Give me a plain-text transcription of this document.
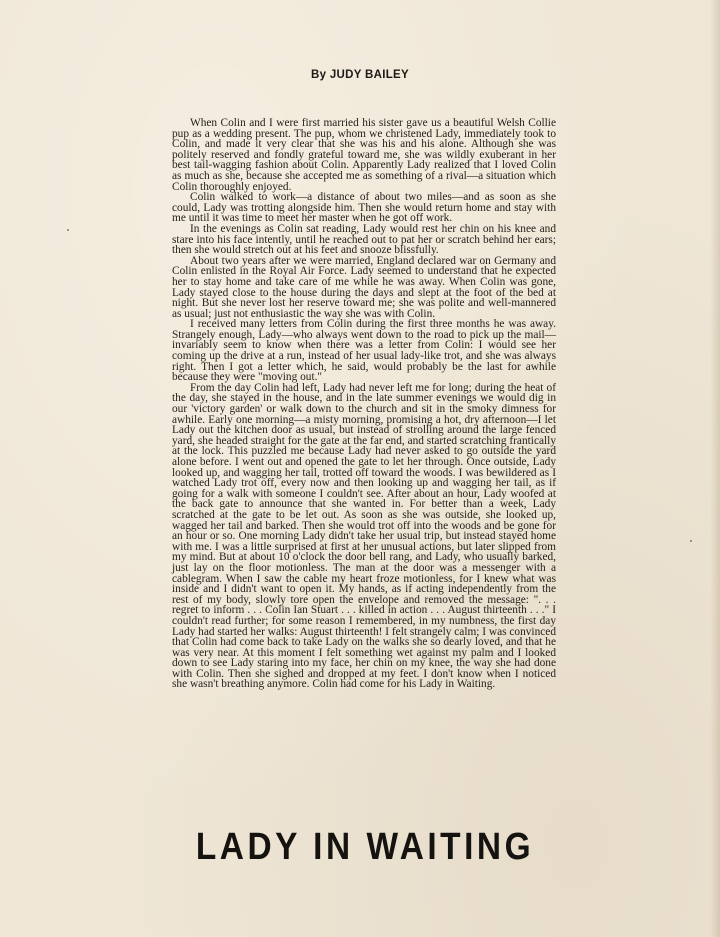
By JUDY BAILEY

When Colin and I were first married his sister gave us a beautiful Welsh Collie pup as a wedding present. The pup, whom we christened Lady, immediately took to Colin, and made it very clear that she was his and his alone. Although she was politely reserved and fondly grateful toward me, she was wildly exuberant in her best tail-wagging fashion about Colin. Apparently Lady realized that I loved Colin as much as she, because she accepted me as something of a rival—a situation which Colin thoroughly enjoyed.

Colin walked to work—a distance of about two miles—and as soon as she could, Lady was trotting alongside him. Then she would return home and stay with me until it was time to meet her master when he got off work.

In the evenings as Colin sat reading, Lady would rest her chin on his knee and stare into his face intently, until he reached out to pat her or scratch behind her ears; then she would stretch out at his feet and snooze blissfully.

About two years after we were married, England declared war on Germany and Colin enlisted in the Royal Air Force. Lady seemed to understand that he expected her to stay home and take care of me while he was away. When Colin was gone, Lady stayed close to the house during the days and slept at the foot of the bed at night. But she never lost her reserve toward me; she was polite and well-mannered as usual; just not enthusiastic the way she was with Colin.

I received many letters from Colin during the first three months he was away. Strangely enough, Lady—who always went down to the road to pick up the mail—invariably seem to know when there was a letter from Colin: I would see her coming up the drive at a run, instead of her usual lady-like trot, and she was always right. Then I got a letter which, he said, would probably be the last for awhile because they were "moving out."

From the day Colin had left, Lady had never left me for long; during the heat of the day, she stayed in the house, and in the late summer evenings we would dig in our 'victory garden' or walk down to the church and sit in the smoky dimness for awhile. Early one morning—a misty morning, promising a hot, dry afternoon—I let Lady out the kitchen door as usual, but instead of strolling around the large fenced yard, she headed straight for the gate at the far end, and started scratching frantically at the lock. This puzzled me because Lady had never asked to go outside the yard alone before. I went out and opened the gate to let her through. Once outside, Lady looked up, and wagging her tail, trotted off toward the woods. I was bewildered as I watched Lady trot off, every now and then looking up and wagging her tail, as if going for a walk with someone I couldn't see. After about an hour, Lady woofed at the back gate to announce that she wanted in. For better than a week, Lady scratched at the gate to be let out. As soon as she was outside, she looked up, wagged her tail and barked. Then she would trot off into the woods and be gone for an hour or so. One morning Lady didn't take her usual trip, but instead stayed home with me. I was a little surprised at first at her unusual actions, but later slipped from my mind. But at about 10 o'clock the door bell rang, and Lady, who usually barked, just lay on the floor motionless. The man at the door was a messenger with a cablegram. When I saw the cable my heart froze motionless, for I knew what was inside and I didn't want to open it. My hands, as if acting independently from the rest of my body, slowly tore open the envelope and removed the message: ". . . regret to inform . . . Colin Ian Stuart . . . killed in action . . . August thirteenth . . ." I couldn't read further; for some reason I remembered, in my numbness, the first day Lady had started her walks: August thirteenth! I felt strangely calm; I was convinced that Colin had come back to take Lady on the walks she so dearly loved, and that he was very near. At this moment I felt something wet against my palm and I looked down to see Lady staring into my face, her chin on my knee, the way she had done with Colin. Then she sighed and dropped at my feet. I don't know when I noticed she wasn't breathing anymore. Colin had come for his Lady in Waiting.

LADY IN WAITING
